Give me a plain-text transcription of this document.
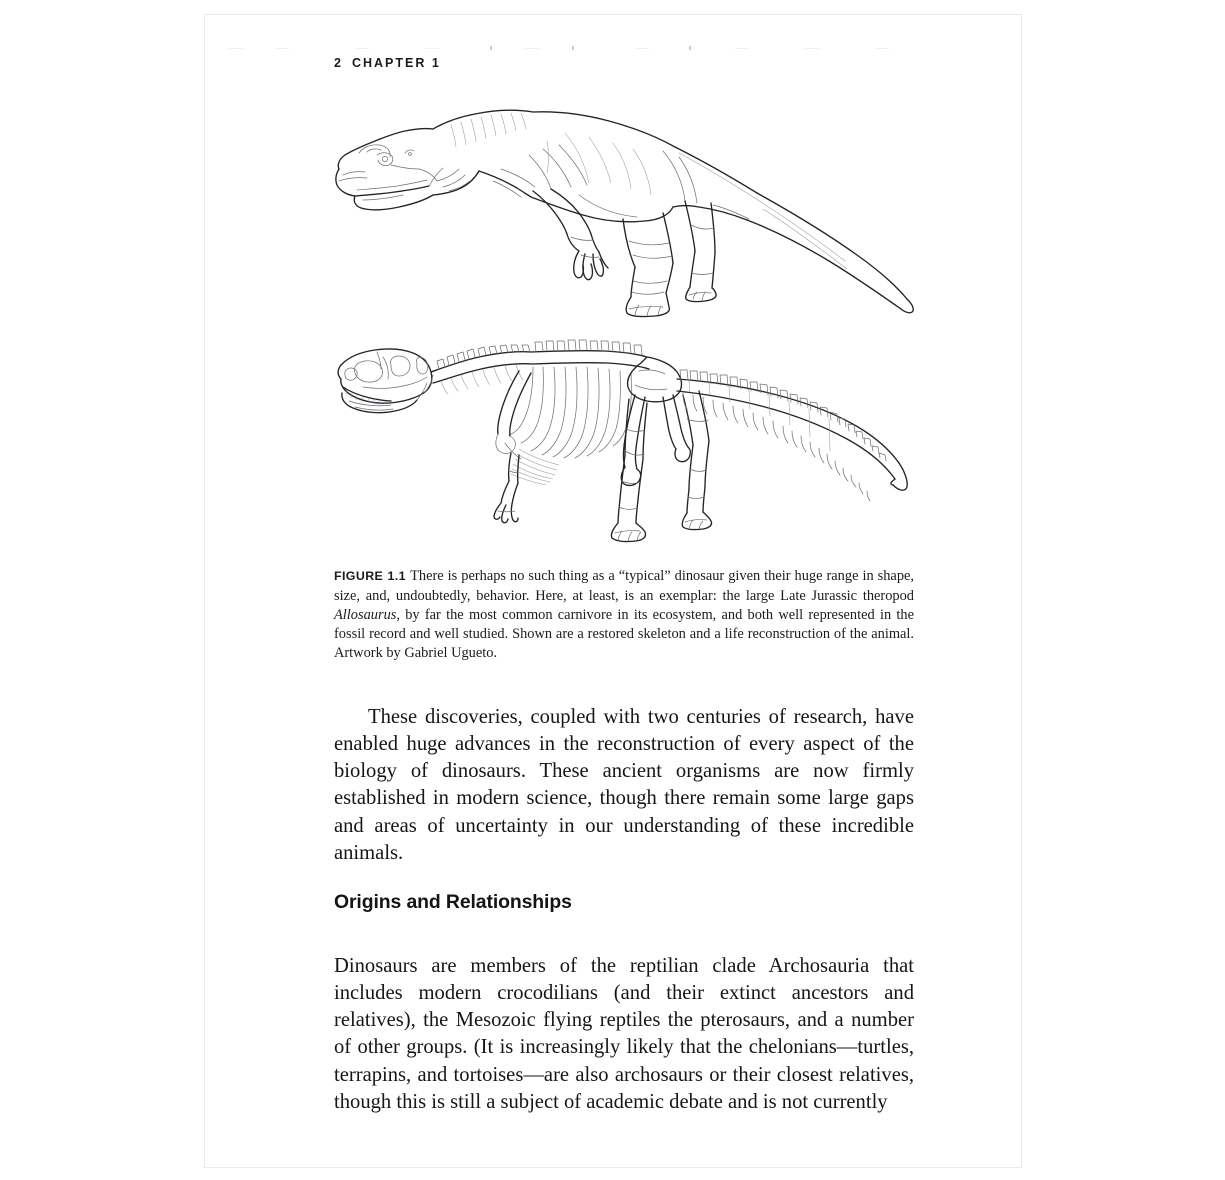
2 CHAPTER 1

FIGURE 1.1 There is perhaps no such thing as a “typical” dinosaur given their huge range in shape, size, and, undoubtedly, behavior. Here, at least, is an exemplar: the large Late Jurassic theropod Allosaurus, by far the most common carnivore in its ecosystem, and both well represented in the fossil record and well studied. Shown are a restored skeleton and a life reconstruction of the animal. Artwork by Gabriel Ugueto.

These discoveries, coupled with two centuries of research, have enabled huge advances in the reconstruction of every aspect of the biology of dinosaurs. These ancient organisms are now firmly established in modern science, though there remain some large gaps and areas of uncertainty in our understanding of these incredible animals.

Origins and Relationships

Dinosaurs are members of the reptilian clade Archosauria that includes modern crocodilians (and their extinct ancestors and relatives), the Mesozoic flying reptiles the pterosaurs, and a number of other groups. (It is increasingly likely that the chelonians—turtles, terrapins, and tortoises—are also archosaurs or their closest relatives, though this is still a subject of academic debate and is not currently
